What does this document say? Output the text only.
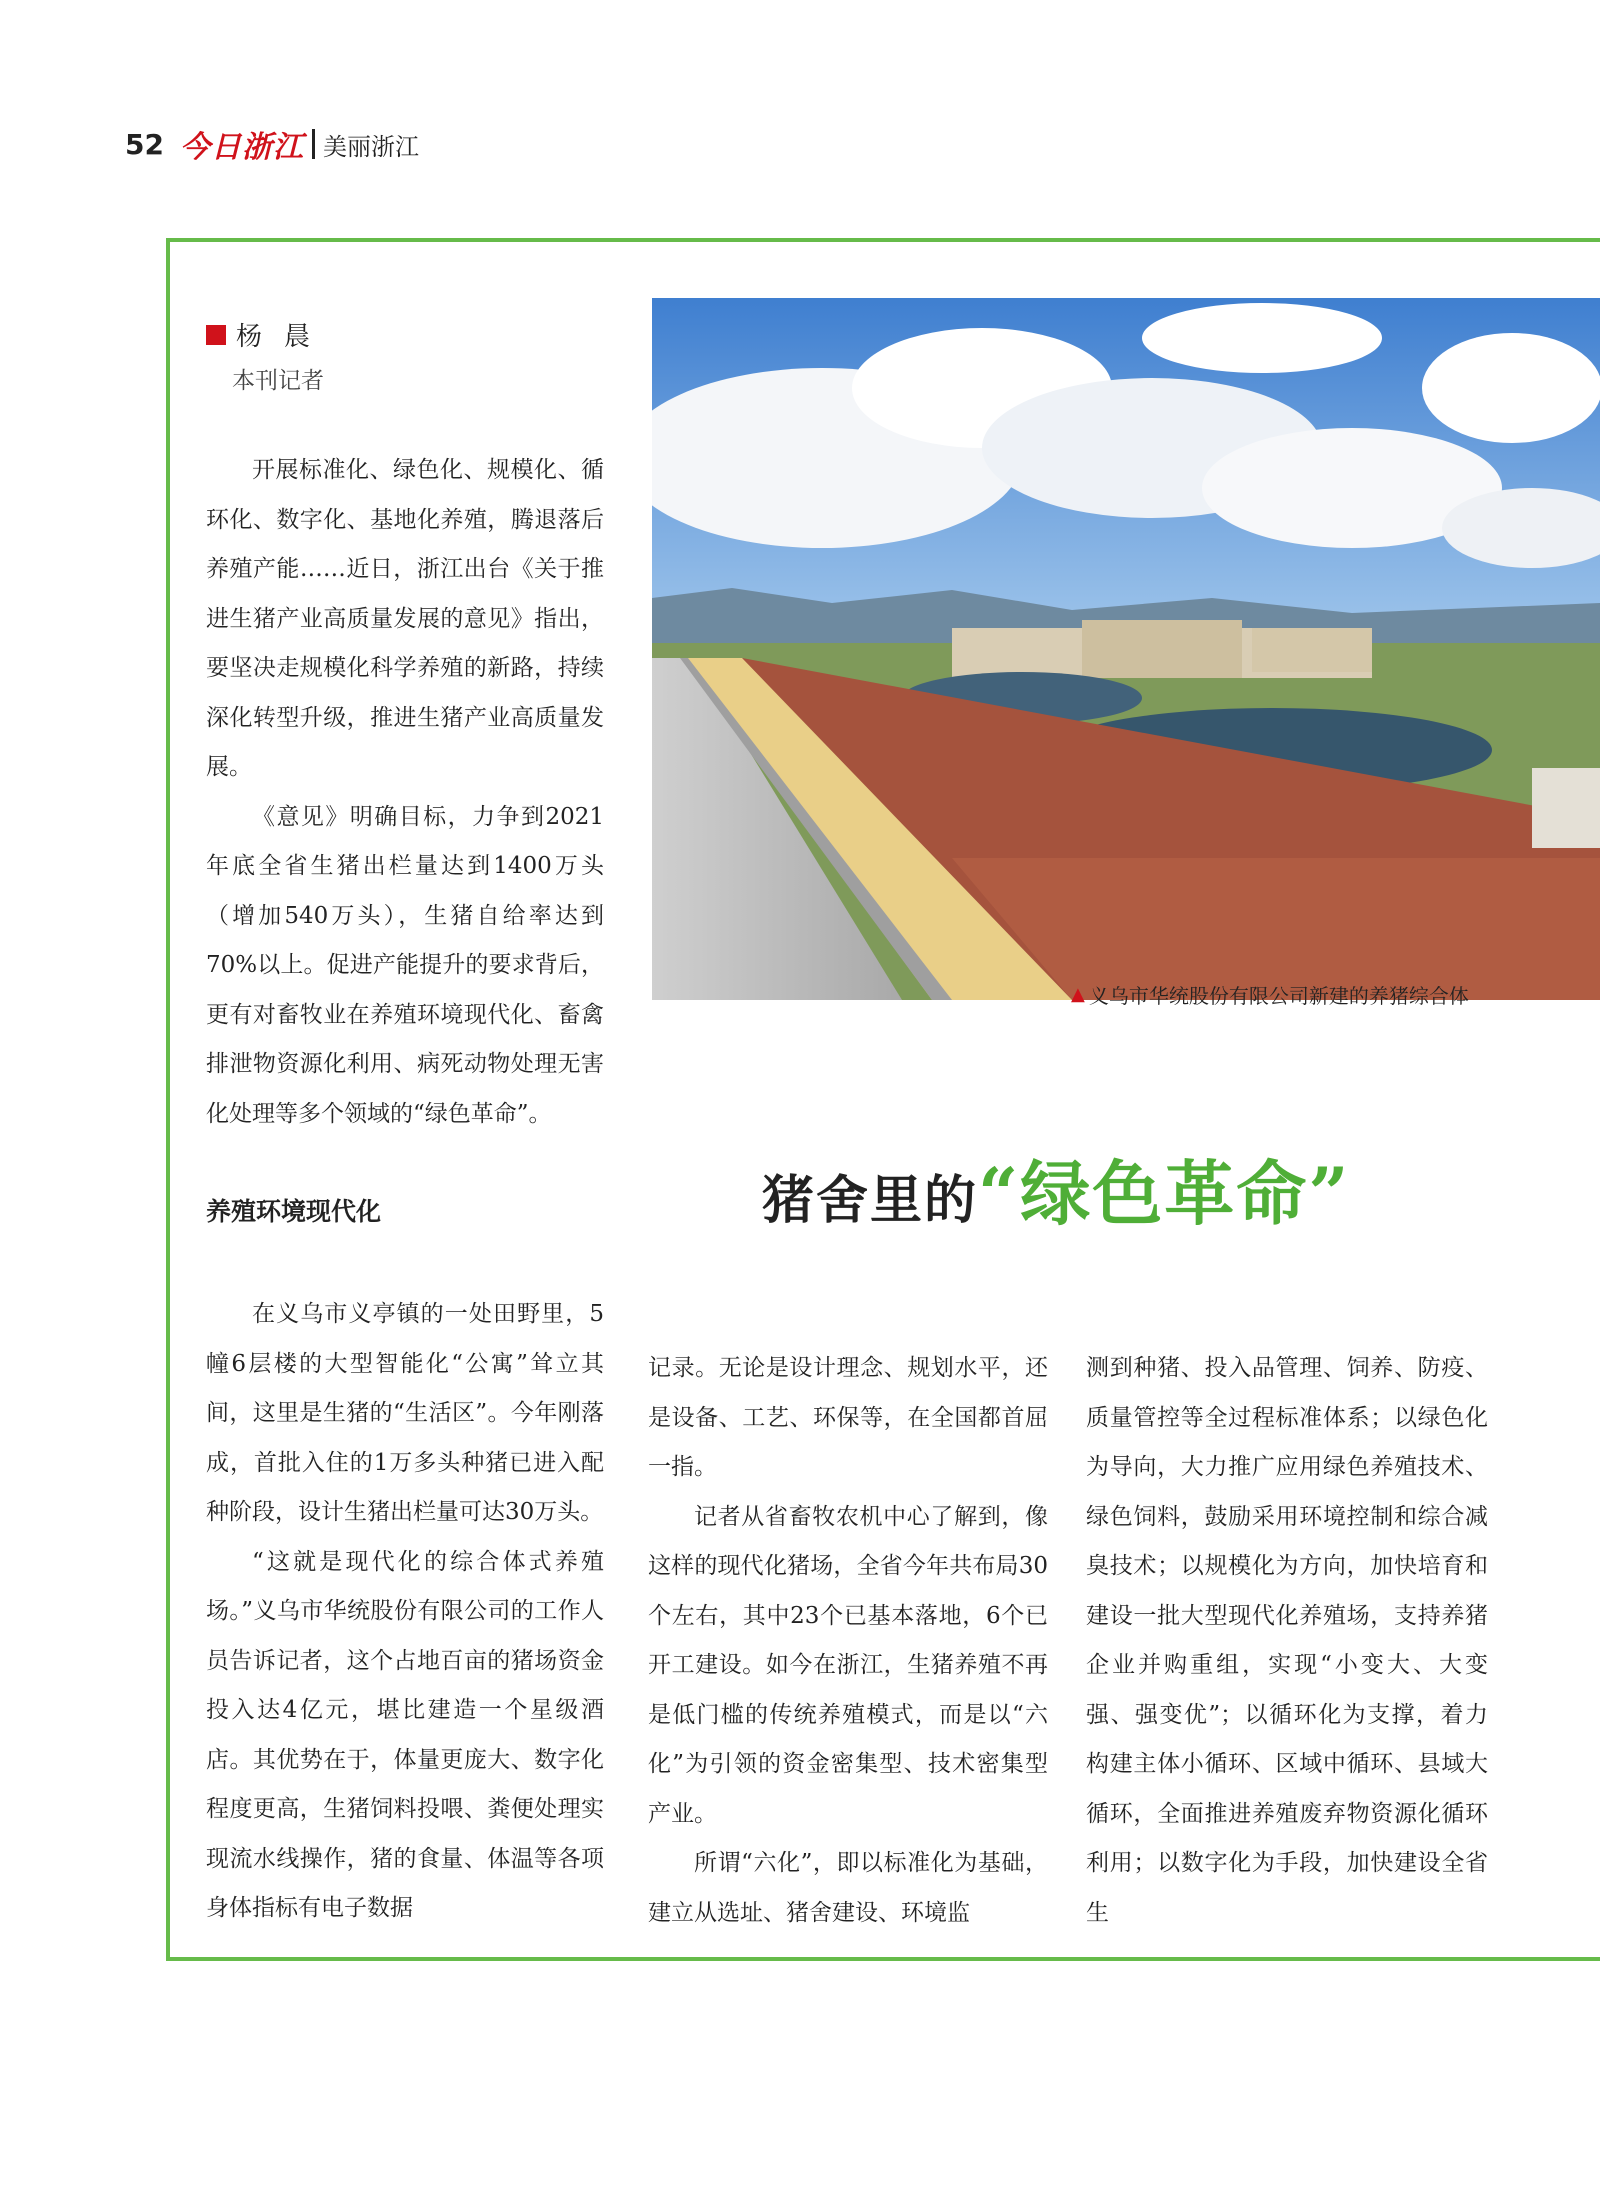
52 今日浙江 美丽浙江
杨晨
本刊记者
▲ 义乌市华统股份有限公司新建的养猪综合体
猪舍里的“绿色革命”

开展标准化、绿色化、规模化、循环化、数字化、基地化养殖，腾退落后养殖产能……近日，浙江出台《关于推进生猪产业高质量发展的意见》指出，要坚决走规模化科学养殖的新路，持续深化转型升级，推进生猪产业高质量发展。

《意见》明确目标，力争到2021年底全省生猪出栏量达到1400万头（增加540万头），生猪自给率达到70%以上。促进产能提升的要求背后，更有对畜牧业在养殖环境现代化、畜禽排泄物资源化利用、病死动物处理无害化处理等多个领域的“绿色革命”。

养殖环境现代化

在义乌市义亭镇的一处田野里，5幢6层楼的大型智能化“公寓”耸立其间，这里是生猪的“生活区”。今年刚落成，首批入住的1万多头种猪已进入配种阶段，设计生猪出栏量可达30万头。

“这就是现代化的综合体式养殖场。”义乌市华统股份有限公司的工作人员告诉记者，这个占地百亩的猪场资金投入达4亿元，堪比建造一个星级酒店。其优势在于，体量更庞大、数字化程度更高，生猪饲料投喂、粪便处理实现流水线操作，猪的食量、体温等各项身体指标有电子数据

记录。无论是设计理念、规划水平，还是设备、工艺、环保等，在全国都首屈一指。

记者从省畜牧农机中心了解到，像这样的现代化猪场，全省今年共布局30个左右，其中23个已基本落地，6个已开工建设。如今在浙江，生猪养殖不再是低门槛的传统养殖模式，而是以“六化”为引领的资金密集型、技术密集型产业。

所谓“六化”，即以标准化为基础，建立从选址、猪舍建设、环境监

测到种猪、投入品管理、饲养、防疫、质量管控等全过程标准体系；以绿色化为导向，大力推广应用绿色养殖技术、绿色饲料，鼓励采用环境控制和综合减臭技术；以规模化为方向，加快培育和建设一批大型现代化养殖场，支持养猪企业并购重组，实现“小变大、大变强、强变优”；以循环化为支撑，着力构建主体小循环、区域中循环、县域大循环，全面推进养殖废弃物资源化循环利用；以数字化为手段，加快建设全省生
